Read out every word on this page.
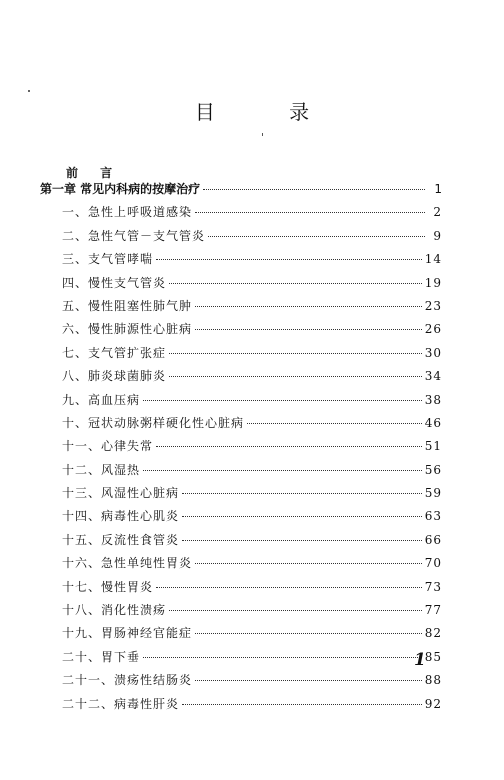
目 录
前 言
第一章 常见内科病的按摩治疗	1
一、急性上呼吸道感染	2
二、急性气管－支气管炎	9
三、支气管哮喘	14
四、慢性支气管炎	19
五、慢性阻塞性肺气肿	23
六、慢性肺源性心脏病	26
七、支气管扩张症	30
八、肺炎球菌肺炎	34
九、高血压病	38
十、冠状动脉粥样硬化性心脏病	46
十一、心律失常	51
十二、风湿热	56
十三、风湿性心脏病	59
十四、病毒性心肌炎	63
十五、反流性食管炎	66
十六、急性单纯性胃炎	70
十七、慢性胃炎	73
十八、消化性溃疡	77
十九、胃肠神经官能症	82
二十、胃下垂	85
二十一、溃疡性结肠炎	88
二十二、病毒性肝炎	92
1
